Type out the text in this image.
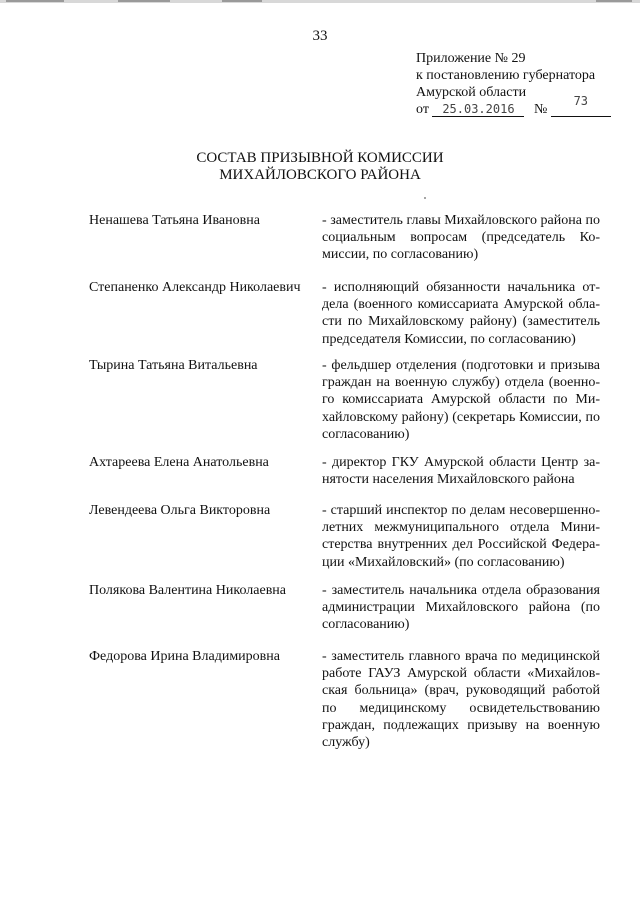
33
Приложение № 29
к постановлению губернатора
Амурской области
от 25.03.2016 № 73
СОСТАВ ПРИЗЫВНОЙ КОМИССИИ
МИХАЙЛОВСКОГО РАЙОНА
Ненашева Татьяна Ивановна	- заместитель главы Михайловского района по социальным вопросам (председатель Комиссии, по согласованию)
Степаненко Александр Николаевич	- исполняющий обязанности начальника отдела (военного комиссариата Амурской области по Михайловскому району) (заместитель председателя Комиссии, по согласованию)
Тырина Татьяна Витальевна	- фельдшер отделения (подготовки и призыва граждан на военную службу) отдела (военного комиссариата Амурской области по Михайловскому району) (секретарь Комиссии, по согласованию)
Ахтареева Елена Анатольевна	- директор ГКУ Амурской области Центр занятости населения Михайловского района
Левендеева Ольга Викторовна	- старший инспектор по делам несовершеннолетних межмуниципального отдела Министерства внутренних дел Российской Федерации «Михайловский» (по согласованию)
Полякова Валентина Николаевна	- заместитель начальника отдела образования администрации Михайловского района (по согласованию)
Федорова Ирина Владимировна	- заместитель главного врача по медицинской работе ГАУЗ Амурской области «Михайловская больница» (врач, руководящий работой по медицинскому освидетельствованию граждан, подлежащих призыву на военную службу)
